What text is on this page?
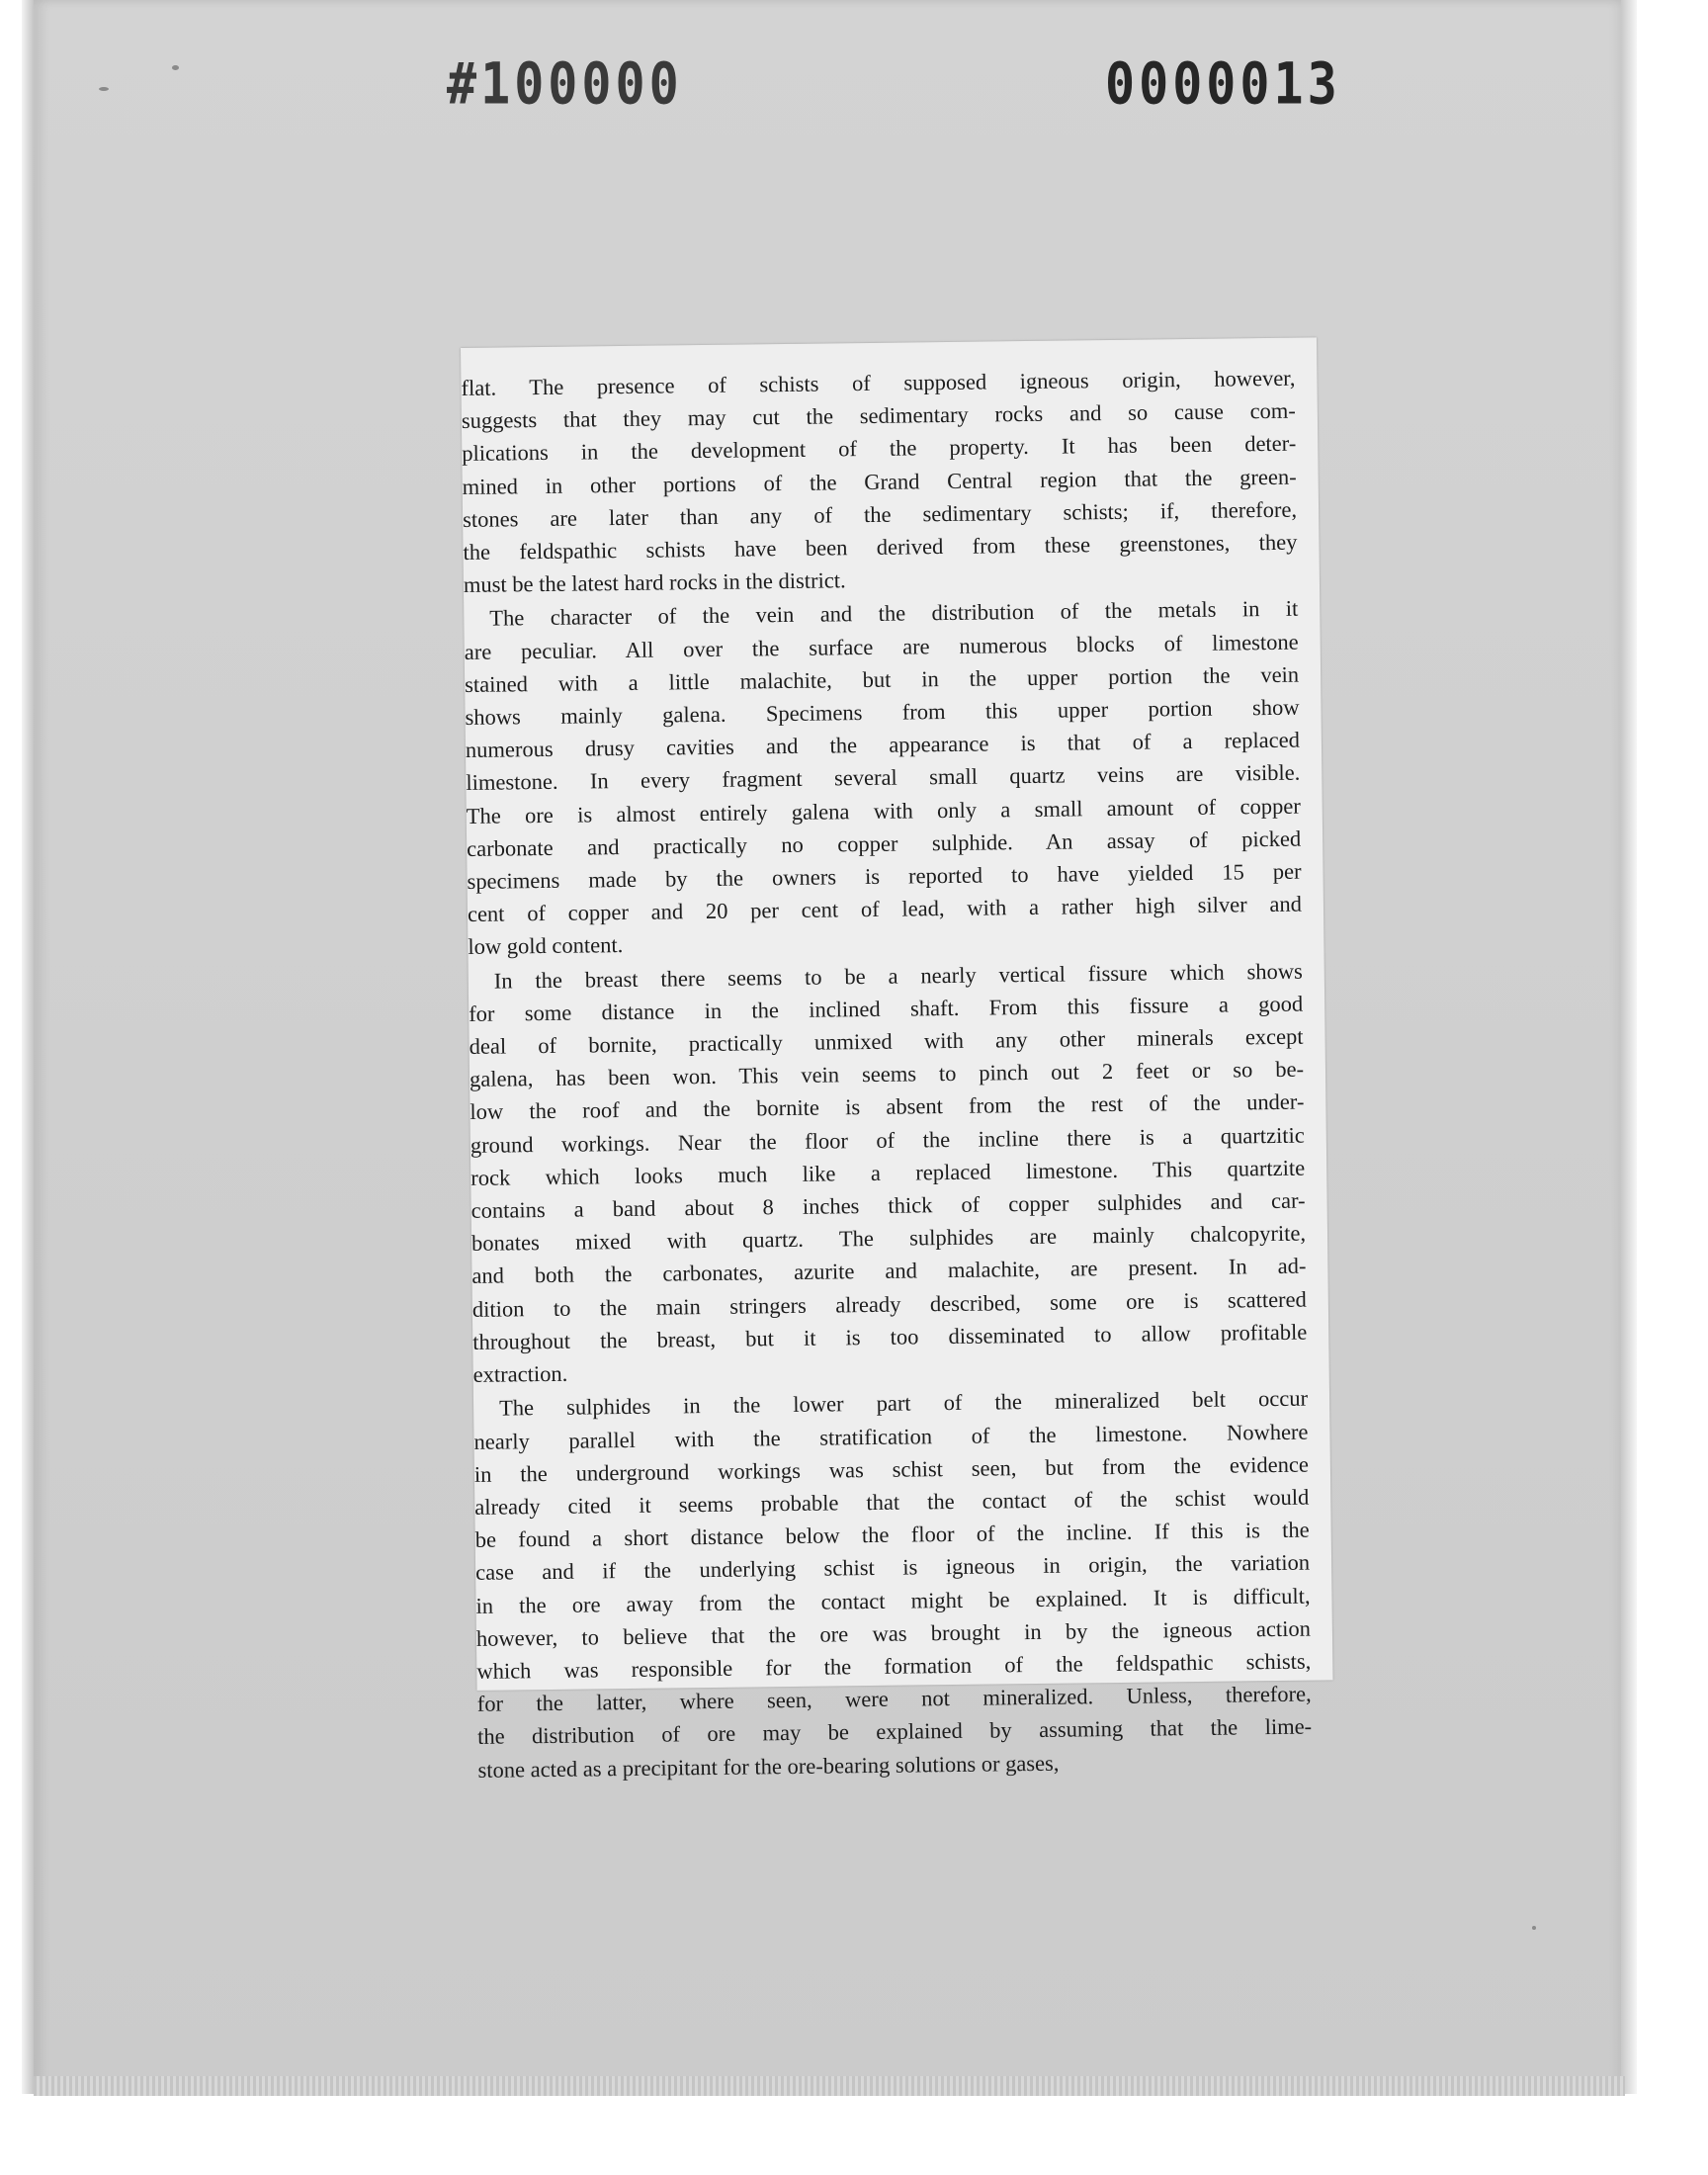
#100000	0000013

flat. The presence of schists of supposed igneous origin, however,
suggests that they may cut the sedimentary rocks and so cause com-
plications in the development of the property. It has been deter-
mined in other portions of the Grand Central region that the green-
stones are later than any of the sedimentary schists; if, therefore,
the feldspathic schists have been derived from these greenstones, they
must be the latest hard rocks in the district.

The character of the vein and the distribution of the metals in it
are peculiar. All over the surface are numerous blocks of limestone
stained with a little malachite, but in the upper portion the vein
shows mainly galena. Specimens from this upper portion show
numerous drusy cavities and the appearance is that of a replaced
limestone. In every fragment several small quartz veins are visible.
The ore is almost entirely galena with only a small amount of copper
carbonate and practically no copper sulphide. An assay of picked
specimens made by the owners is reported to have yielded 15 per
cent of copper and 20 per cent of lead, with a rather high silver and
low gold content.

In the breast there seems to be a nearly vertical fissure which shows
for some distance in the inclined shaft. From this fissure a good
deal of bornite, practically unmixed with any other minerals except
galena, has been won. This vein seems to pinch out 2 feet or so be-
low the roof and the bornite is absent from the rest of the under-
ground workings. Near the floor of the incline there is a quartzitic
rock which looks much like a replaced limestone. This quartzite
contains a band about 8 inches thick of copper sulphides and car-
bonates mixed with quartz. The sulphides are mainly chalcopyrite,
and both the carbonates, azurite and malachite, are present. In ad-
dition to the main stringers already described, some ore is scattered
throughout the breast, but it is too disseminated to allow profitable
extraction.

The sulphides in the lower part of the mineralized belt occur
nearly parallel with the stratification of the limestone. Nowhere
in the underground workings was schist seen, but from the evidence
already cited it seems probable that the contact of the schist would
be found a short distance below the floor of the incline. If this is the
case and if the underlying schist is igneous in origin, the variation
in the ore away from the contact might be explained. It is difficult,
however, to believe that the ore was brought in by the igneous action
which was responsible for the formation of the feldspathic schists,
for the latter, where seen, were not mineralized. Unless, therefore,
the distribution of ore may be explained by assuming that the lime-
stone acted as a precipitant for the ore-bearing solutions or gases,
